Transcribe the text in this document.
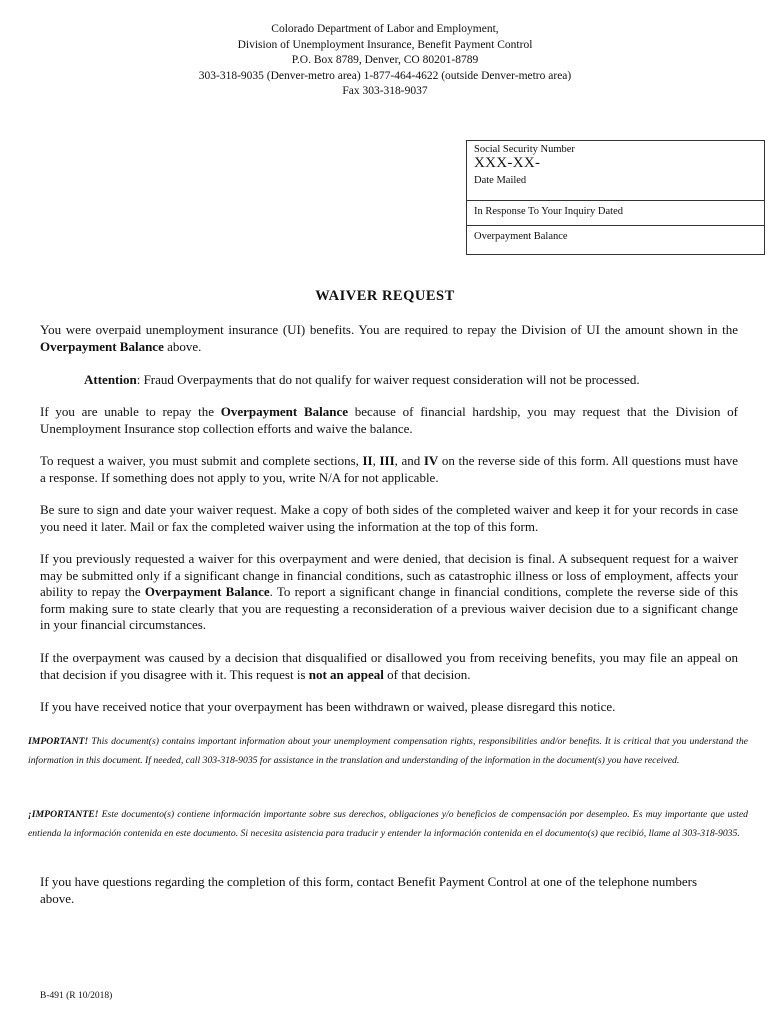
Colorado Department of Labor and Employment,
Division of Unemployment Insurance, Benefit Payment Control
P.O. Box 8789, Denver, CO 80201-8789
303-318-9035 (Denver-metro area) 1-877-464-4622 (outside Denver-metro area)
Fax 303-318-9037
Social Security Number
XXX-XX-
Date Mailed
In Response To Your Inquiry Dated
Overpayment Balance
WAIVER REQUEST

You were overpaid unemployment insurance (UI) benefits. You are required to repay the Division of UI the amount shown in the Overpayment Balance above.

Attention: Fraud Overpayments that do not qualify for waiver request consideration will not be processed.

If you are unable to repay the Overpayment Balance because of financial hardship, you may request that the Division of Unemployment Insurance stop collection efforts and waive the balance.

To request a waiver, you must submit and complete sections, II, III, and IV on the reverse side of this form. All questions must have a response. If something does not apply to you, write N/A for not applicable.

Be sure to sign and date your waiver request. Make a copy of both sides of the completed waiver and keep it for your records in case you need it later. Mail or fax the completed waiver using the information at the top of this form.

If you previously requested a waiver for this overpayment and were denied, that decision is final. A subsequent request for a waiver may be submitted only if a significant change in financial conditions, such as catastrophic illness or loss of employment, affects your ability to repay the Overpayment Balance. To report a significant change in financial conditions, complete the reverse side of this form making sure to state clearly that you are requesting a reconsideration of a previous waiver decision due to a significant change in your financial circumstances.

If the overpayment was caused by a decision that disqualified or disallowed you from receiving benefits, you may file an appeal on that decision if you disagree with it. This request is not an appeal of that decision.

If you have received notice that your overpayment has been withdrawn or waived, please disregard this notice.

IMPORTANT! This document(s) contains important information about your unemployment compensation rights, responsibilities and/or benefits. It is critical that you understand the information in this document. If needed, call 303-318-9035 for assistance in the translation and understanding of the information in the document(s) you have received.

¡IMPORTANTE! Este documento(s) contiene información importante sobre sus derechos, obligaciones y/o beneficios de compensación por desempleo. Es muy importante que usted entienda la información contenida en este documento. Si necesita asistencia para traducir y entender la información contenida en el documento(s) que recibió, llame al 303-318-9035.

If you have questions regarding the completion of this form, contact Benefit Payment Control at one of the telephone numbers above.

B-491 (R 10/2018)
